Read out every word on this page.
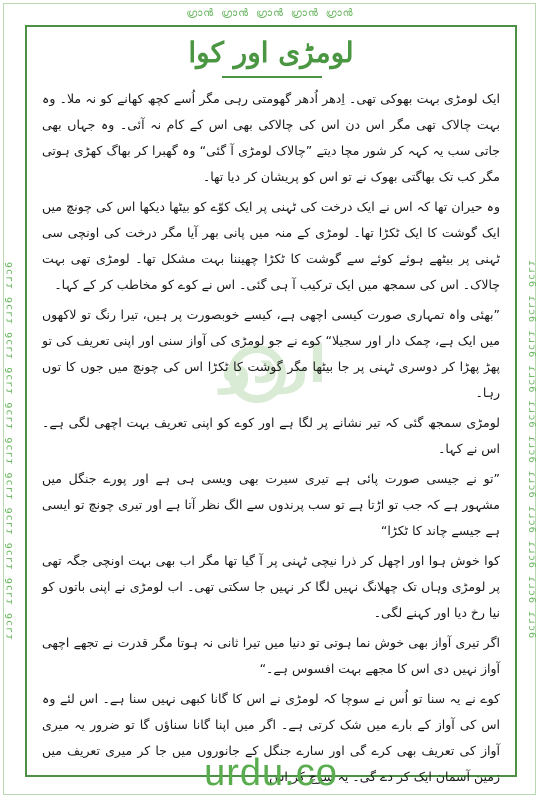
ഗ്രാൻ ഗ്രാൻ ഗ്രാൻ ഗ്രാൻ ഗ്രാൻ
ɾɹɔ6 ɾɹɔ6 ɾɹɔ6 ɾɹɔ6 ɾɹɔ6 ɾɹɔ6 ɾɹɔ6 ɾɹɔ6 ɾɹɔ6 ɾɹɔ6 ɾɹɔ6	ɾɹɔ6 ɾɹɔ6 ɾɹɔ6 ɾɹɔ6 ɾɹɔ6 ɾɹɔ6 ɾɹɔ6 ɾɹɔ6 ɾɹɔ6 ɾɹɔ6 ɾɹɔ6
اردو
لومڑی اور کوا

ایک لومڑی بہت بھوکی تھی۔ اِدھر اُدھر گھومتی رہی مگر اُسے کچھ کھانے کو نہ ملا۔ وہ بہت چالاک تھی مگر اس دن اس کی چالاکی بھی اس کے کام نہ آئی۔ وہ جہاں بھی جاتی سب یہ کہہ کر شور مچا دیتے ”چالاک لومڑی آ گئی“ وہ گھبرا کر بھاگ کھڑی ہوتی مگر کب تک بھاگتی بھوک نے تو اس کو پریشان کر دیا تھا۔

وہ حیران تھا کہ اس نے ایک درخت کی ٹہنی پر ایک کوّے کو بیٹھا دیکھا اس کی چونچ میں ایک گوشت کا ایک ٹکڑا تھا۔ لومڑی کے منہ میں پانی بھر آیا مگر درخت کی اونچی سی ٹہنی پر بیٹھے ہوئے کوئے سے گوشت کا ٹکڑا چھیننا بہت مشکل تھا۔ لومڑی تھی بہت چالاک۔ اس کی سمجھ میں ایک ترکیب آ ہی گئی۔ اس نے کوے کو مخاطب کر کے کہا۔

”بھئی واہ تمہاری صورت کیسی اچھی ہے، کیسے خوبصورت پر ہیں، تیرا رنگ تو لاکھوں میں ایک ہے، چمک دار اور سجیلا“ کوے نے جو لومڑی کی آواز سنی اور اپنی تعریف کی تو پھڑ پھڑا کر دوسری ٹہنی پر جا بیٹھا مگر گوشت کا ٹکڑا اس کی چونچ میں جوں کا توں رہا۔

لومڑی سمجھ گئی کہ تیر نشانے پر لگا ہے اور کوے کو اپنی تعریف بہت اچھی لگی ہے۔ اس نے کہا۔

”تو نے جیسی صورت پائی ہے تیری سیرت بھی ویسی ہی ہے اور پورے جنگل میں مشہور ہے کہ جب تو اڑتا ہے تو سب پرندوں سے الگ نظر آتا ہے اور تیری چونچ تو ایسی ہے جیسے چاند کا ٹکڑا“

کوا خوش ہوا اور اچھل کر ذرا نیچی ٹہنی پر آ گیا تھا مگر اب بھی بہت اونچی جگہ تھی پر لومڑی وہاں تک چھلانگ نہیں لگا کر نہیں جا سکتی تھی۔ اب لومڑی نے اپنی باتوں کو نیا رخ دیا اور کہنے لگی۔

اگر تیری آواز بھی خوش نما ہوتی تو دنیا میں تیرا ثانی نہ ہوتا مگر قدرت نے تجھے اچھی آواز نہیں دی اس کا مجھے بہت افسوس ہے۔“

کوے نے یہ سنا تو اُس نے سوچا کہ لومڑی نے اس کا گانا کبھی نہیں سنا ہے۔ اس لئے وہ اس کی آواز کے بارے میں شک کرتی ہے۔ اگر میں اپنا گانا سناؤں گا تو ضرور یہ میری آواز کی تعریف بھی کرے گی اور سارے جنگل کے جانوروں میں جا کر میری تعریف میں زمین آسمان ایک کر دے گی۔ یہ سوچ کر اس

urdu.co
